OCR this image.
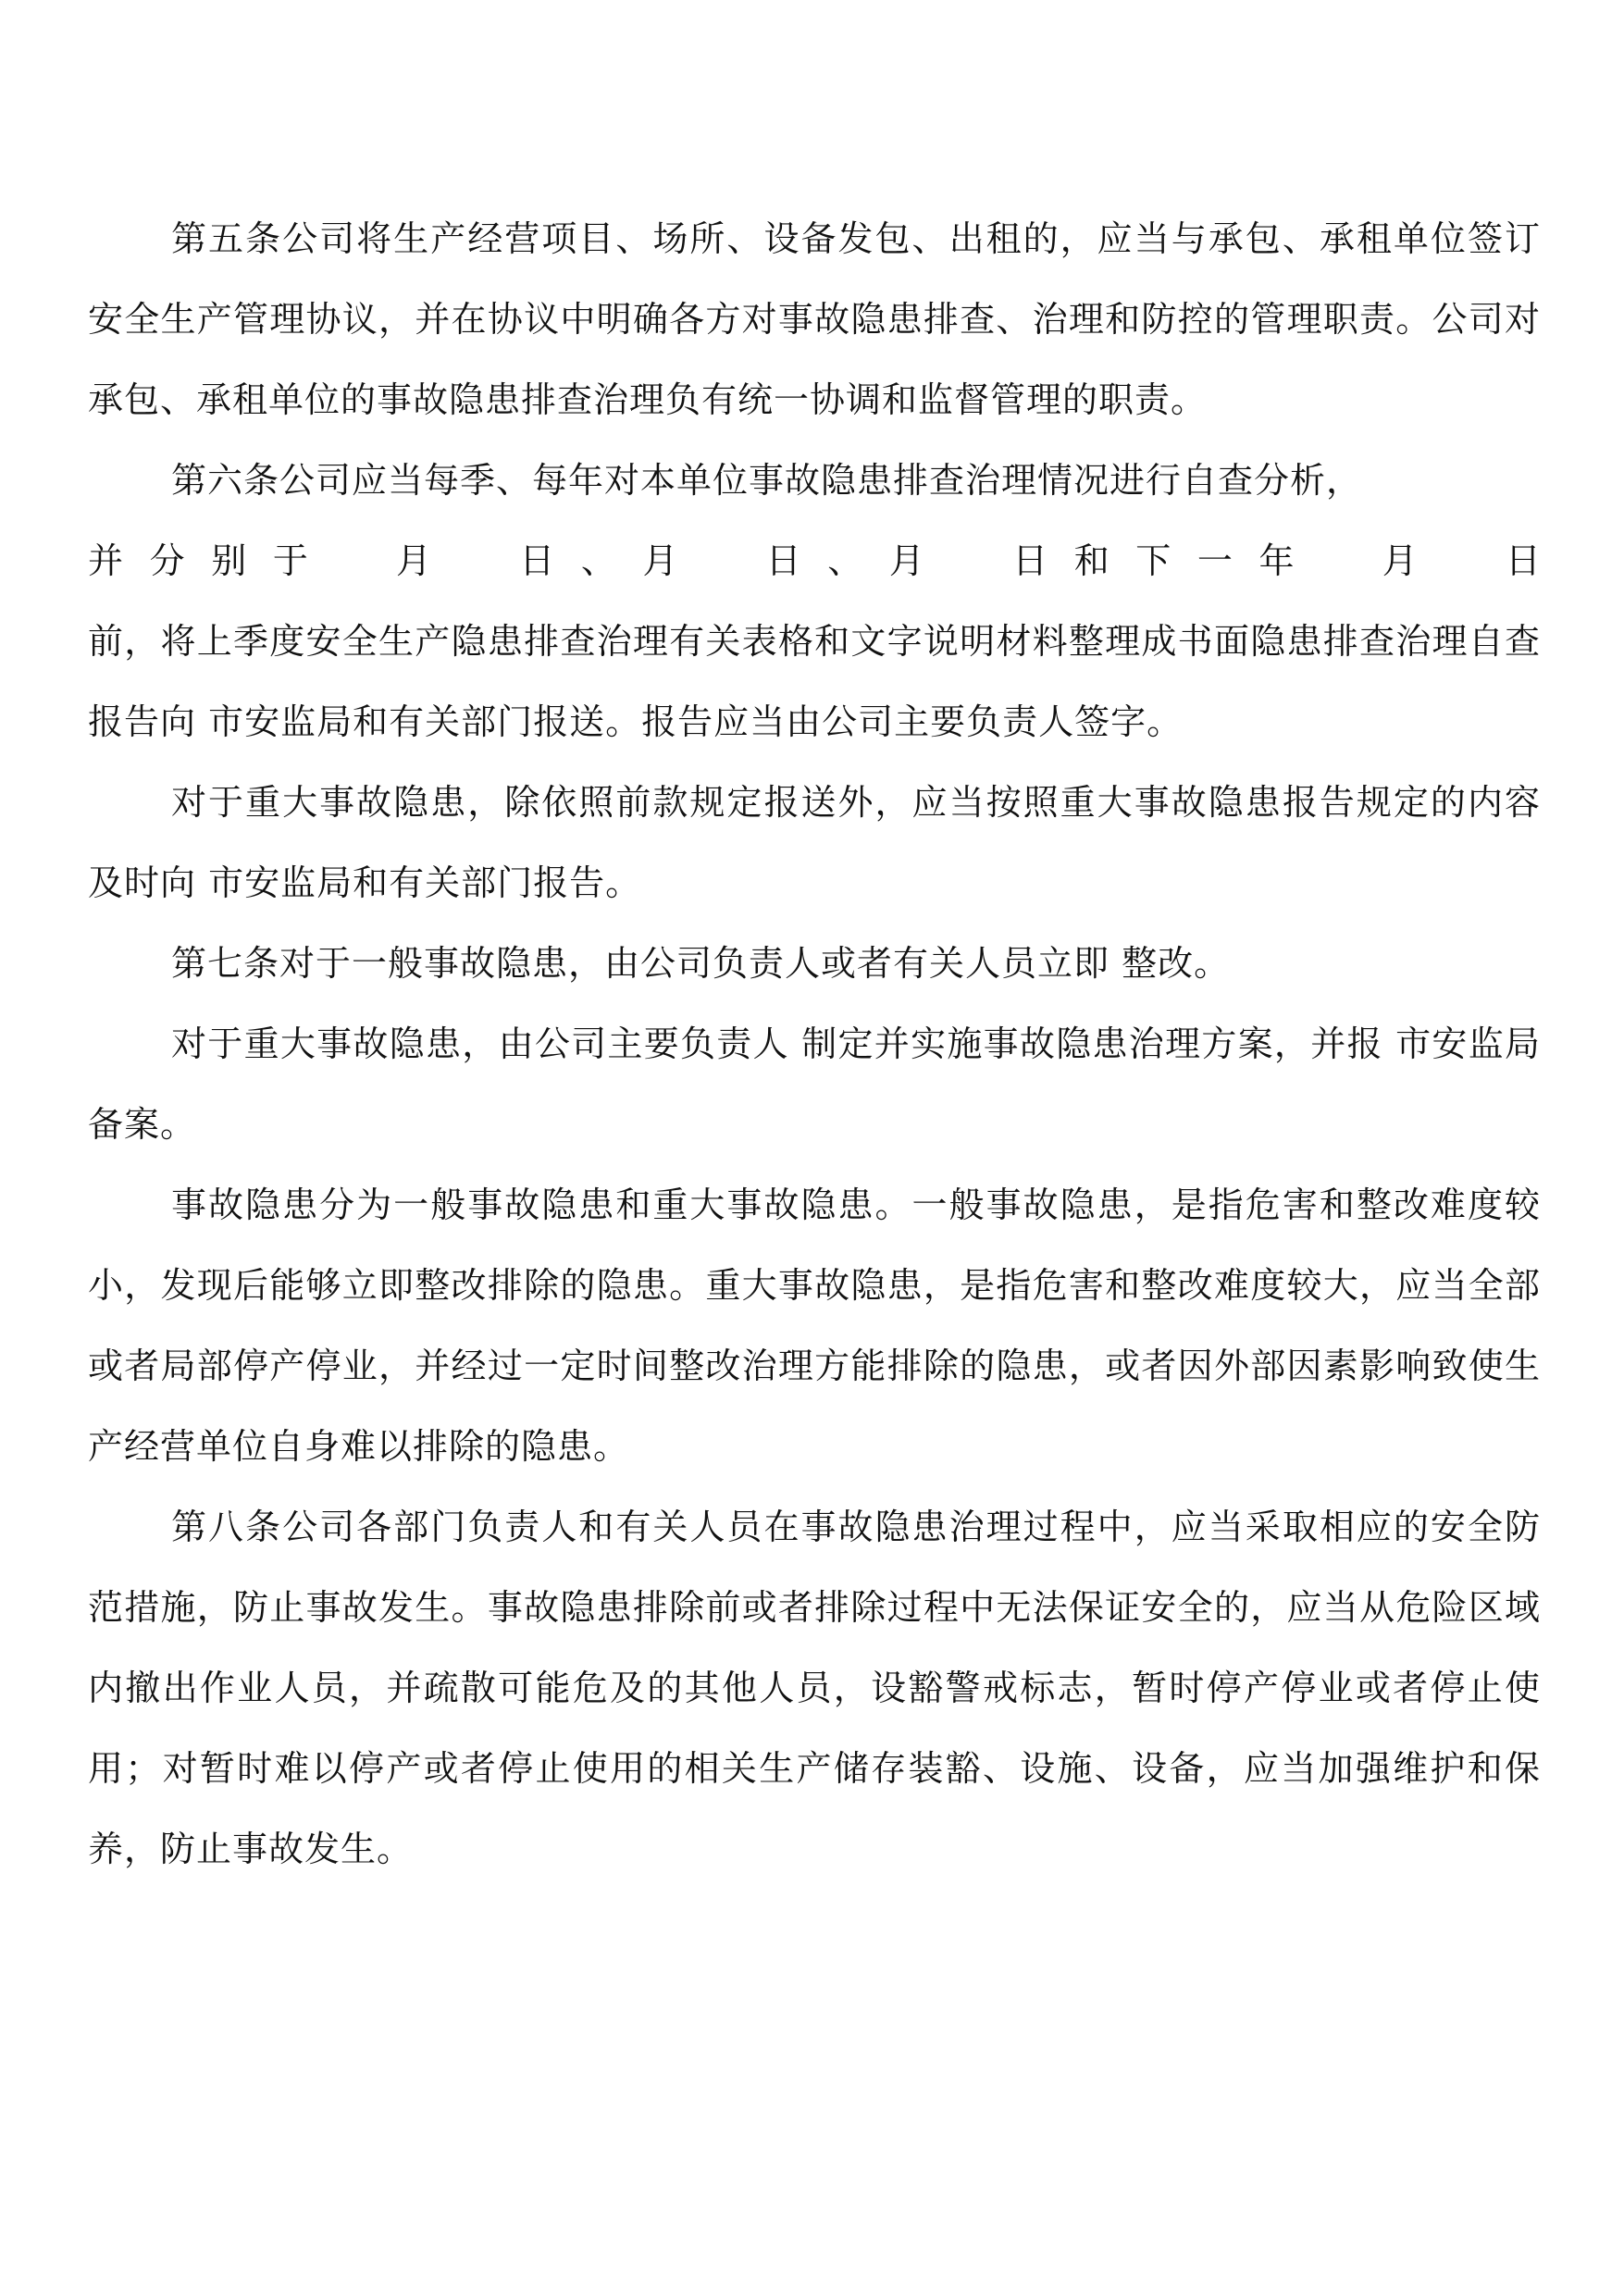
第五条公司将生产经营项目、场所、设备发包、出租的，应当与承包、承租单位签订安全生产管理协议，并在协议中明确各方对事故隐患排查、治理和防控的管理职责。公司对承包、承租单位的事故隐患排查治理负有统一协调和监督管理的职责。

第六条公司应当每季、每年对本单位事故隐患排查治理情况进行自查分析，

并 分 别 于	月	日 、 月	日 、 月	日 和 下 一 年	月	日

前，将上季度安全生产隐患排查治理有关表格和文字说明材料整理成书面隐患排查治理自查报告向 市安监局和有关部门报送。报告应当由公司主要负责人签字。

对于重大事故隐患，除依照前款规定报送外，应当按照重大事故隐患报告规定的内容及时向 市安监局和有关部门报告。

第七条对于一般事故隐患，由公司负责人或者有关人员立即 整改。

对于重大事故隐患，由公司主要负责人 制定并实施事故隐患治理方案，并报 市安监局备案。

事故隐患分为一般事故隐患和重大事故隐患。一般事故隐患，是指危害和整改难度较小，发现后能够立即整改排除的隐患。重大事故隐患，是指危害和整改难度较大，应当全部或者局部停产停业，并经过一定时间整改治理方能排除的隐患，或者因外部因素影响致使生产经营单位自身难以排除的隐患。

第八条公司各部门负责人和有关人员在事故隐患治理过程中，应当采取相应的安全防范措施，防止事故发生。事故隐患排除前或者排除过程中无法保证安全的，应当从危险区域内撤出作业人员，并疏散可能危及的其他人员，设豁警戒标志，暂时停产停业或者停止使用；对暂时难以停产或者停止使用的相关生产储存装豁、设施、设备，应当加强维护和保养，防止事故发生。
